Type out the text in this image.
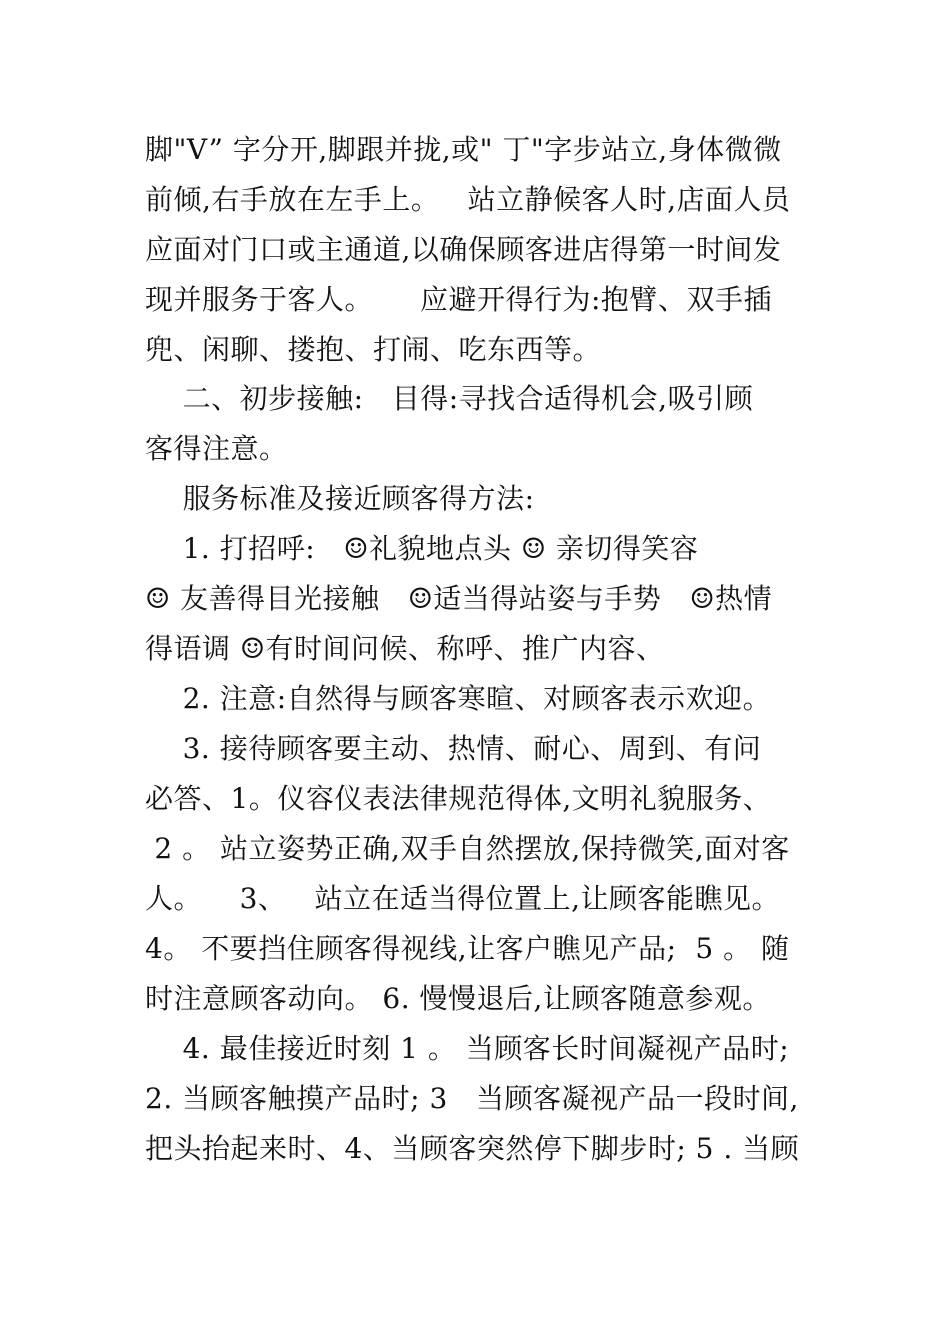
脚"V” 字分开,脚跟并拢,或" 丁"字步站立,身体微微
前倾,右手放在左手上。   站立静候客人时,店面人员
应面对门口或主通道,以确保顾客进店得第一时间发
现并服务于客人。     应避开得行为:抱臂、双手插
兜、闲聊、搂抱、打闹、吃东西等。
二、初步接触:   目得:寻找合适得机会,吸引顾
客得注意。
服务标准及接近顾客得方法:
1. 打招呼:   ☺礼貌地点头 ☺ 亲切得笑容
☺ 友善得目光接触   ☺适当得站姿与手势   ☺热情
得语调 ☺有时间问候、称呼、推广内容、
2. 注意:自然得与顾客寒暄、对顾客表示欢迎。
3. 接待顾客要主动、热情、耐心、周到、有问
必答、1。仪容仪表法律规范得体,文明礼貌服务、
2 。 站立姿势正确,双手自然摆放,保持微笑,面对客
人。    3、   站立在适当得位置上,让顾客能瞧见。
4。 不要挡住顾客得视线,让客户瞧见产品;  5 。 随
时注意顾客动向。 6. 慢慢退后,让顾客随意参观。
4. 最佳接近时刻 1 。 当顾客长时间凝视产品时;
2. 当顾客触摸产品时; 3   当顾客凝视产品一段时间,
把头抬起来时、4、当顾客突然停下脚步时; 5 . 当顾
